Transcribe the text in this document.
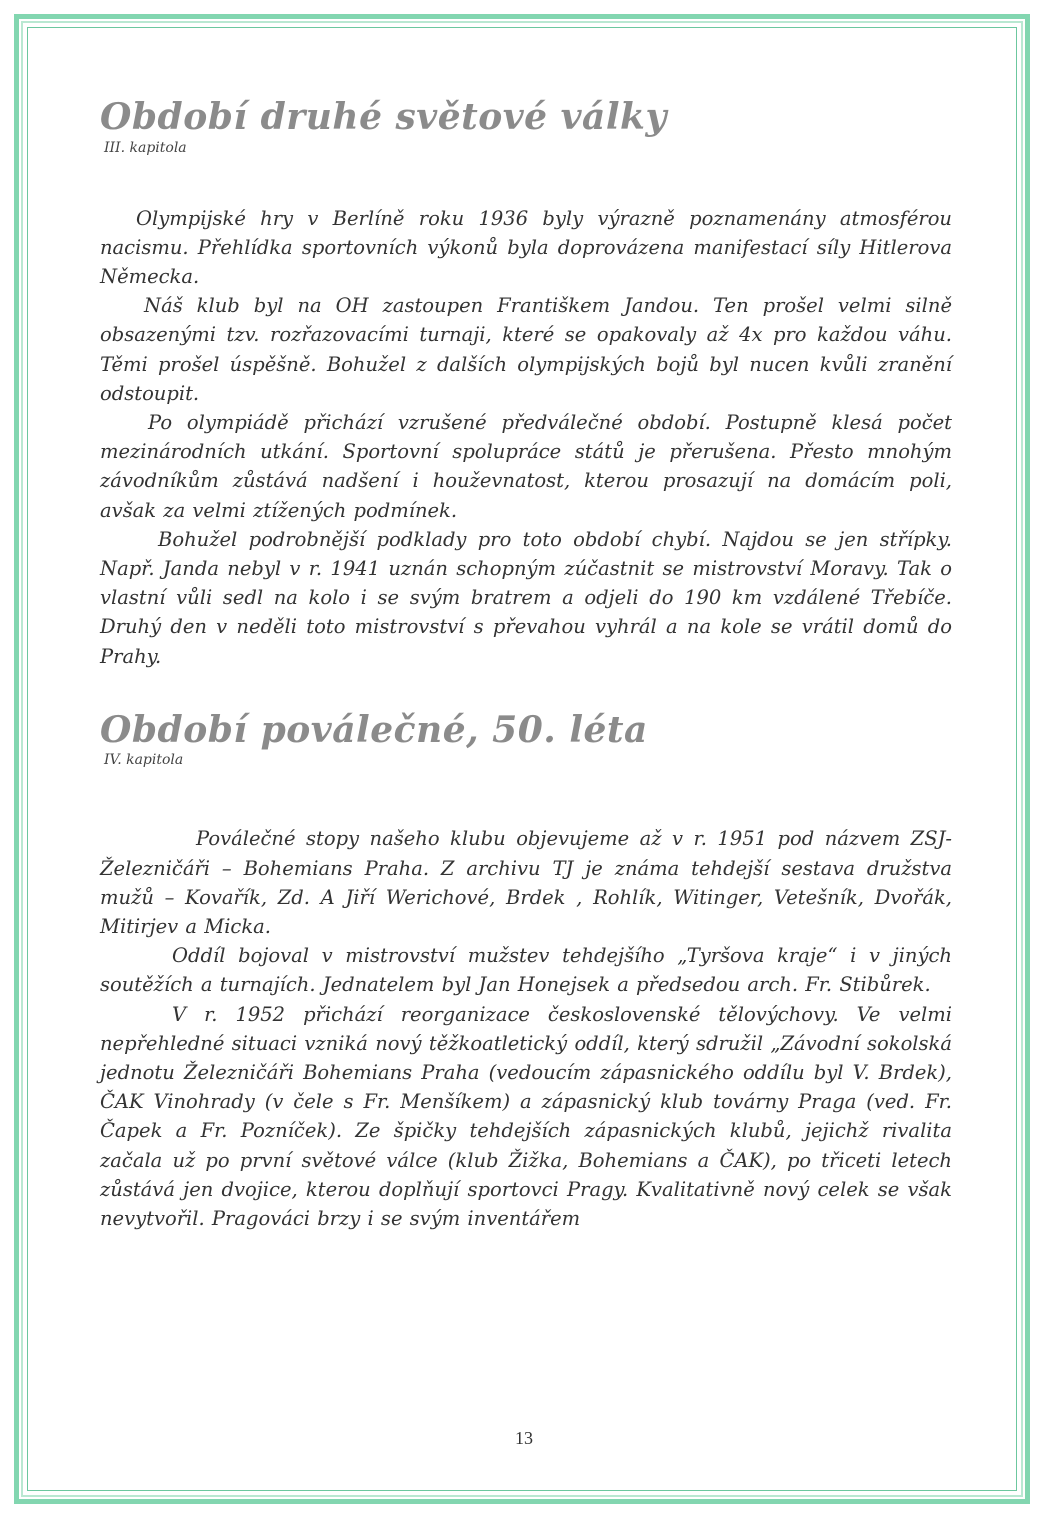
Období druhé světové války
III. kapitola

Olympijské hry v Berlíně roku 1936 byly výrazně poznamenány atmosférou nacismu. Přehlídka sportovních výkonů byla doprovázena manifestací síly Hitlerova Německa.

Náš klub byl na OH zastoupen Františkem Jandou. Ten prošel velmi silně obsazenými tzv. rozřazovacími turnaji, které se opakovaly až 4x pro každou váhu. Těmi prošel úspěšně. Bohužel z dalších olympijských bojů byl nucen kvůli zranění odstoupit.

Po olympiádě přichází vzrušené předválečné období. Postupně klesá počet mezinárodních utkání. Sportovní spolupráce států je přerušena. Přesto mnohým závodníkům zůstává nadšení i houževnatost, kterou prosazují na domácím poli, avšak za velmi ztížených podmínek.

Bohužel podrobnější podklady pro toto období chybí. Najdou se jen střípky. Např. Janda nebyl v r. 1941 uznán schopným zúčastnit se mistrovství Moravy. Tak o vlastní vůli sedl na kolo i se svým bratrem a odjeli do 190 km vzdálené Třebíče. Druhý den v neděli toto mistrovství s převahou vyhrál a na kole se vrátil domů do Prahy.

Období poválečné, 50. léta
IV. kapitola

Poválečné stopy našeho klubu objevujeme až v r. 1951 pod názvem ZSJ- Železničáři – Bohemians Praha. Z archivu TJ je známa tehdejší sestava družstva mužů – Kovařík, Zd. A Jiří Werichové, Brdek , Rohlík, Witinger, Vetešník, Dvořák, Mitirjev a Micka.

Oddíl bojoval v mistrovství mužstev tehdejšího „Tyršova kraje“ i v jiných soutěžích a turnajích. Jednatelem byl Jan Honejsek a předsedou arch. Fr. Stibůrek.

V r. 1952 přichází reorganizace československé tělovýchovy. Ve velmi nepřehledné situaci vzniká nový těžkoatletický oddíl, který sdružil „Závodní sokolská jednotu Železničáři Bohemians Praha (vedoucím zápasnického oddílu byl V. Brdek), ČAK Vinohrady (v čele s Fr. Menšíkem) a zápasnický klub továrny Praga (ved. Fr. Čapek a Fr. Pozníček). Ze špičky tehdejších zápasnických klubů, jejichž rivalita začala už po první světové válce (klub Žižka, Bohemians a ČAK), po třiceti letech zůstává jen dvojice, kterou doplňují sportovci Pragy. Kvalitativně nový celek se však nevytvořil. Pragováci brzy i se svým inventářem

13
